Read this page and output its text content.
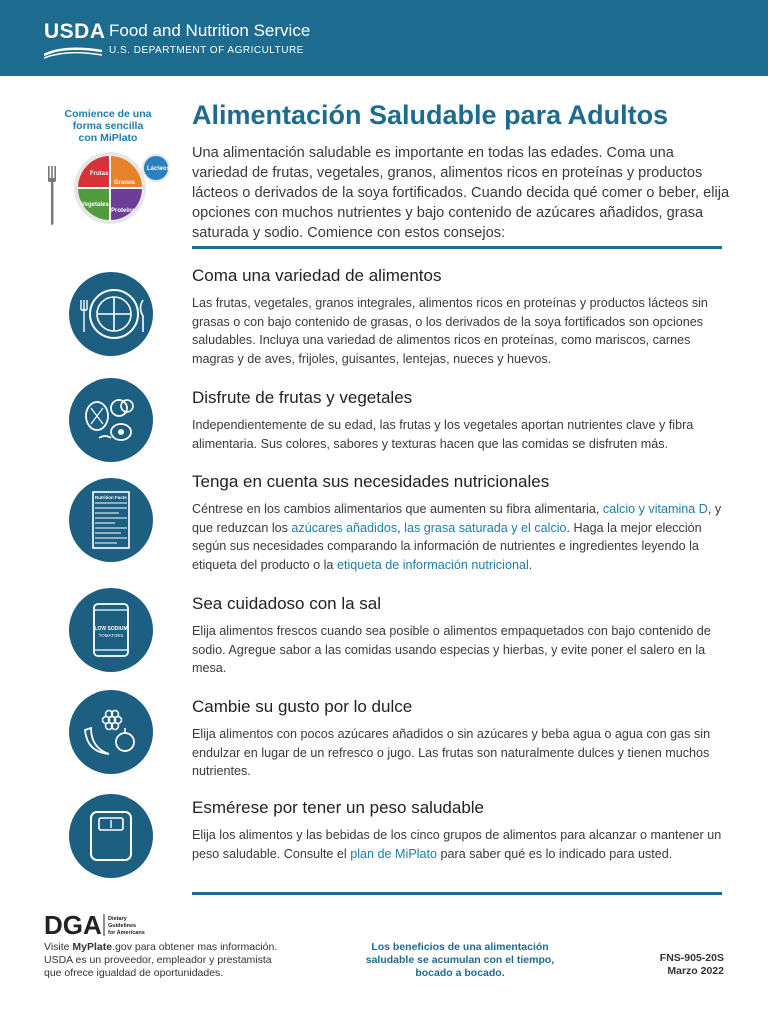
USDA Food and Nutrition Service
U.S. DEPARTMENT OF AGRICULTURE
Comience de una
forma sencilla
con MiPlato
Frutas
Granos
Vegetales
Proteína
Lácteos
Alimentación Saludable para Adultos

Una alimentación saludable es importante en todas las edades. Coma una variedad de frutas, vegetales, granos, alimentos ricos en proteínas y productos lácteos o derivados de la soya fortificados. Cuando decida qué comer o beber, elija opciones con muchos nutrientes y bajo contenido de azúcares añadidos, grasa saturada y sodio. Comience con estos consejos:

Nutrition Facts
LOW SODIUM
TOMATOES
Coma una variedad de alimentos

Las frutas, vegetales, granos integrales, alimentos ricos en proteínas y productos lácteos sin grasas o con bajo contenido de grasas, o los derivados de la soya fortificados son opciones saludables. Incluya una variedad de alimentos ricos en proteínas, como mariscos, carnes magras y de aves, frijoles, guisantes, lentejas, nueces y huevos.

Disfrute de frutas y vegetales

Independientemente de su edad, las frutas y los vegetales aportan nutrientes clave y fibra alimentaria. Sus colores, sabores y texturas hacen que las comidas se disfruten más.

Tenga en cuenta sus necesidades nutricionales

Céntrese en los cambios alimentarios que aumenten su fibra alimentaria, calcio y vitamina D, y que reduzcan los azúcares añadidos, las grasa saturada y el calcio. Haga la mejor elección según sus necesidades comparando la información de nutrientes e ingredientes leyendo la etiqueta del producto o la etiqueta de información nutricional.

Sea cuidadoso con la sal

Elija alimentos frescos cuando sea posible o alimentos empaquetados con bajo contenido de sodio. Agregue sabor a las comidas usando especias y hierbas, y evite poner el salero en la mesa.

Cambie su gusto por lo dulce

Elija alimentos con pocos azúcares añadidos o sin azúcares y beba agua o agua con gas sin endulzar en lugar de un refresco o jugo. Las frutas son naturalmente dulces y tienen muchos nutrientes.

Esmérese por tener un peso saludable

Elija los alimentos y las bebidas de los cinco grupos de alimentos para alcanzar o mantener un peso saludable. Consulte el plan de MiPlato para saber qué es lo indicado para usted.

DGA Dietary
Guidelines
for Americans
Visite MyPlate.gov para obtener mas información.
USDA es un proveedor, empleador y prestamista
que ofrece igualdad de oportunidades.
Los beneficios de una alimentación
saludable se acumulan con el tiempo,
bocado a bocado.
FNS-905-20S
Marzo 2022
